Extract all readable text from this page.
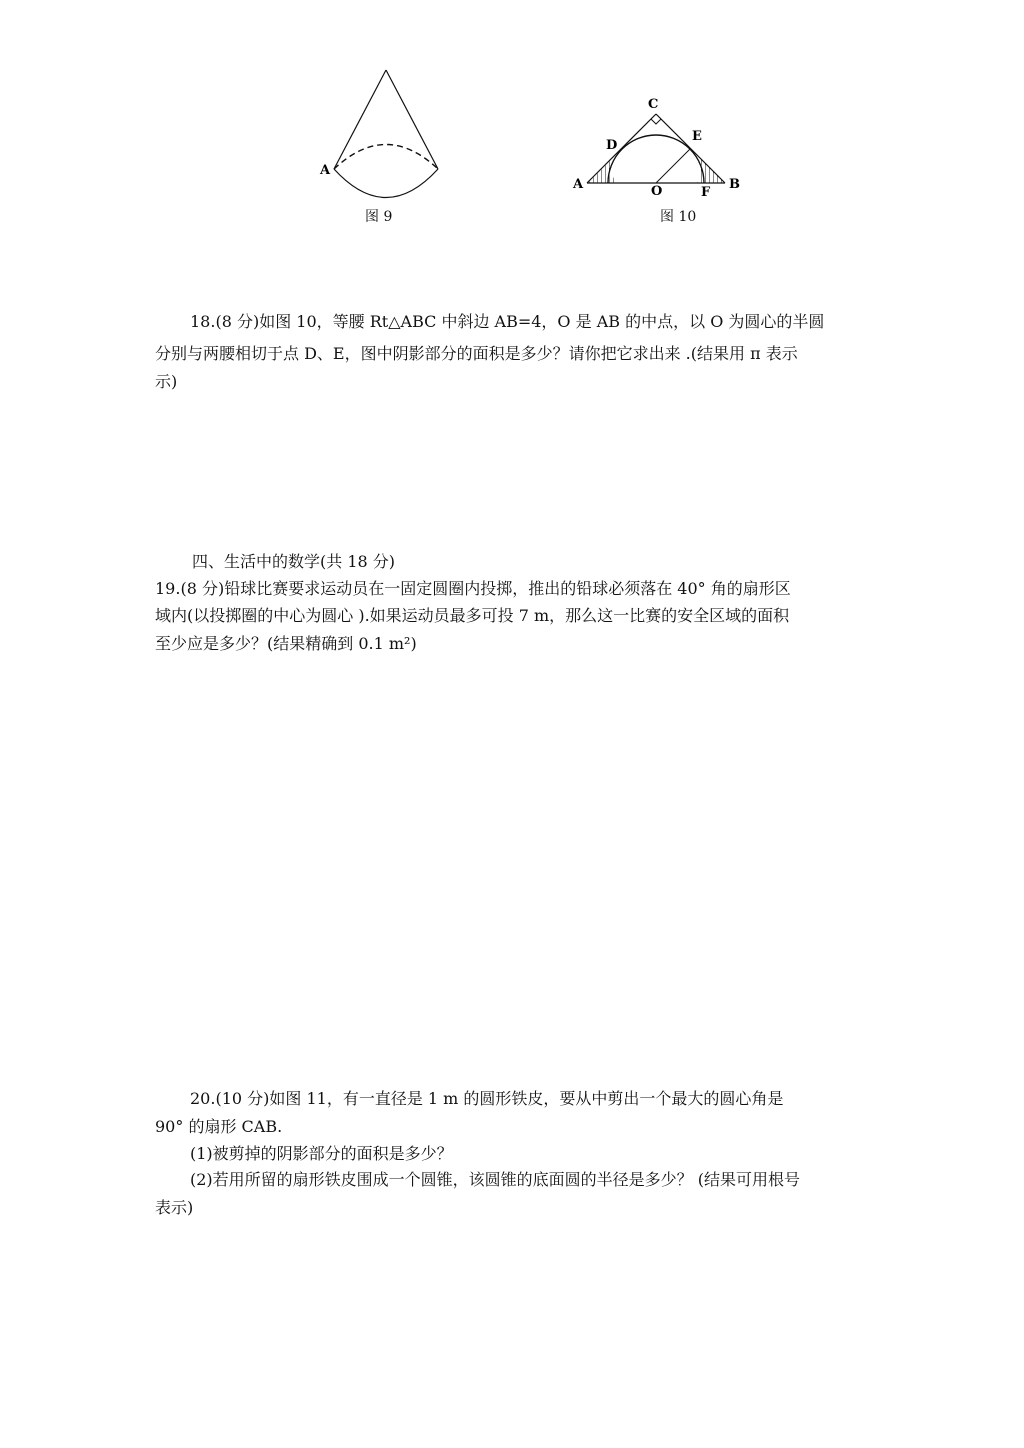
A
图 9
C
D
E
A	B
O	F
图 10
18.(8 分)如图 10，等腰 Rt△ABC 中斜边 AB=4，O 是 AB 的中点，以 O 为圆心的半圆
分别与两腰相切于点 D、E，图中阴影部分的面积是多少？请你把它求出来 .(结果用 π 表示
示)
四、生活中的数学(共 18 分)
19.(8 分)铅球比赛要求运动员在一固定圆圈内投掷，推出的铅球必须落在 40° 角的扇形区
域内(以投掷圈的中心为圆心 ).如果运动员最多可投 7 m，那么这一比赛的安全区域的面积
至少应是多少？(结果精确到 0.1 m²)
20.(10 分)如图 11，有一直径是 1 m 的圆形铁皮，要从中剪出一个最大的圆心角是
90° 的扇形 CAB.
(1)被剪掉的阴影部分的面积是多少？
(2)若用所留的扇形铁皮围成一个圆锥，该圆锥的底面圆的半径是多少？ (结果可用根号
表示)
